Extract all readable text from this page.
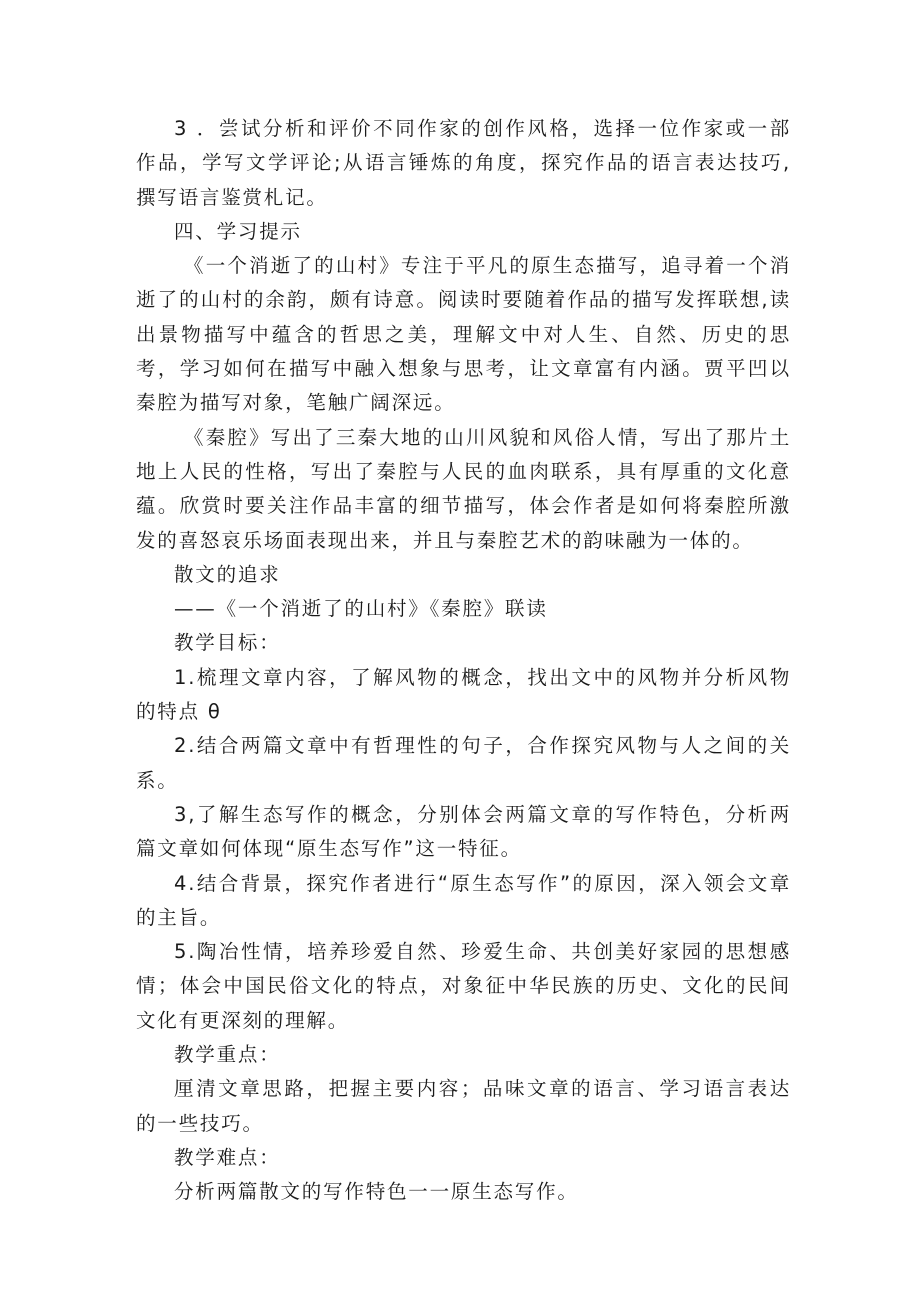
3 ．尝试分析和评价不同作家的创作风格，选择一位作家或一部作品，学写文学评论;从语言锤炼的角度，探究作品的语言表达技巧,撰写语言鉴赏札记。

四、学习提示

《一个消逝了的山村》专注于平凡的原生态描写，追寻着一个消逝了的山村的余韵，颇有诗意。阅读时要随着作品的描写发挥联想,读出景物描写中蕴含的哲思之美，理解文中对人生、自然、历史的思考，学习如何在描写中融入想象与思考，让文章富有内涵。贾平凹以秦腔为描写对象，笔触广阔深远。

《秦腔》写出了三秦大地的山川风貌和风俗人情，写出了那片土地上人民的性格，写出了秦腔与人民的血肉联系，具有厚重的文化意蕴。欣赏时要关注作品丰富的细节描写，体会作者是如何将秦腔所激发的喜怒哀乐场面表现出来，并且与秦腔艺术的韵味融为一体的。

散文的追求

——《一个消逝了的山村》《秦腔》联读

教学目标：

1.梳理文章内容，了解风物的概念，找出文中的风物并分析风物的特点 θ

2.结合两篇文章中有哲理性的句子，合作探究风物与人之间的关系。

3,了解生态写作的概念，分别体会两篇文章的写作特色，分析两篇文章如何体现“原生态写作”这一特征。

4.结合背景，探究作者进行“原生态写作”的原因，深入领会文章的主旨。

5.陶冶性情，培养珍爱自然、珍爱生命、共创美好家园的思想感情；体会中国民俗文化的特点，对象征中华民族的历史、文化的民间文化有更深刻的理解。

教学重点：

厘清文章思路，把握主要内容；品味文章的语言、学习语言表达的一些技巧。

教学难点：

分析两篇散文的写作特色一一原生态写作。
